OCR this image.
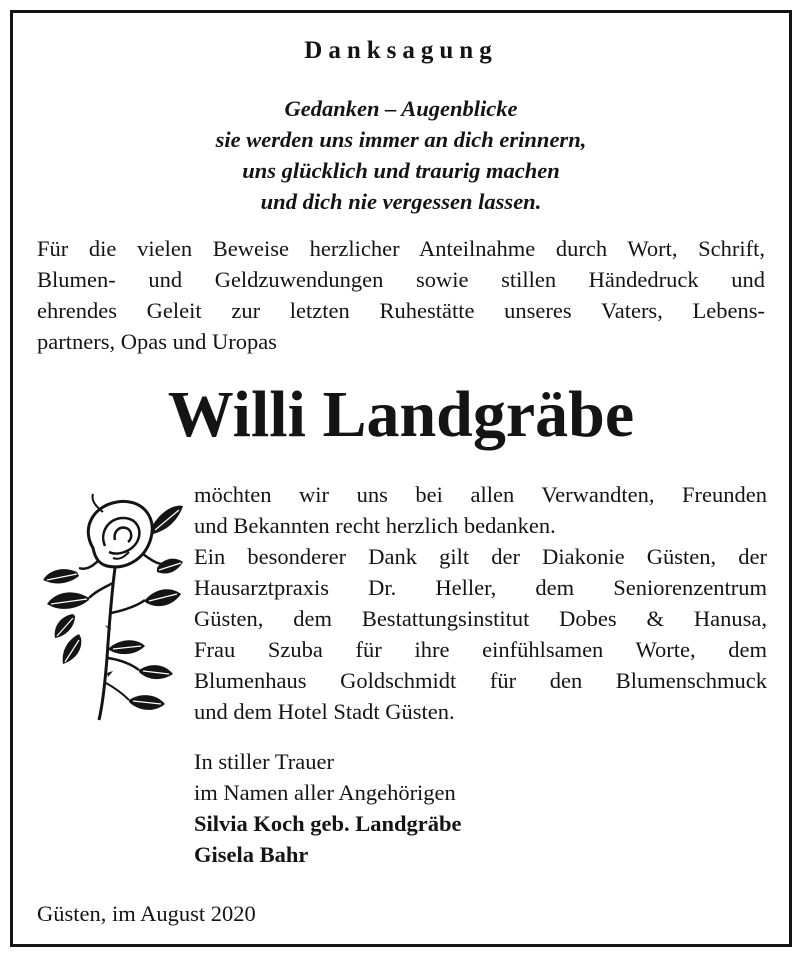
Danksagung
Gedanken – Augenblicke
sie werden uns immer an dich erinnern,
uns glücklich und traurig machen
und dich nie vergessen lassen.
Für die vielen Beweise herzlicher Anteilnahme durch Wort, Schrift,
Blumen- und Geldzuwendungen sowie stillen Händedruck und
ehrendes Geleit zur letzten Ruhestätte unseres Vaters, Lebens-
partners, Opas und Uropas
Willi Landgräbe
möchten wir uns bei allen Verwandten, Freunden
und Bekannten recht herzlich bedanken.
Ein besonderer Dank gilt der Diakonie Güsten, der
Hausarztpraxis Dr. Heller, dem Seniorenzentrum
Güsten, dem Bestattungsinstitut Dobes & Hanusa,
Frau Szuba für ihre einfühlsamen Worte, dem
Blumenhaus Goldschmidt für den Blumenschmuck
und dem Hotel Stadt Güsten.
In stiller Trauer
im Namen aller Angehörigen
Silvia Koch geb. Landgräbe
Gisela Bahr
Güsten, im August 2020
